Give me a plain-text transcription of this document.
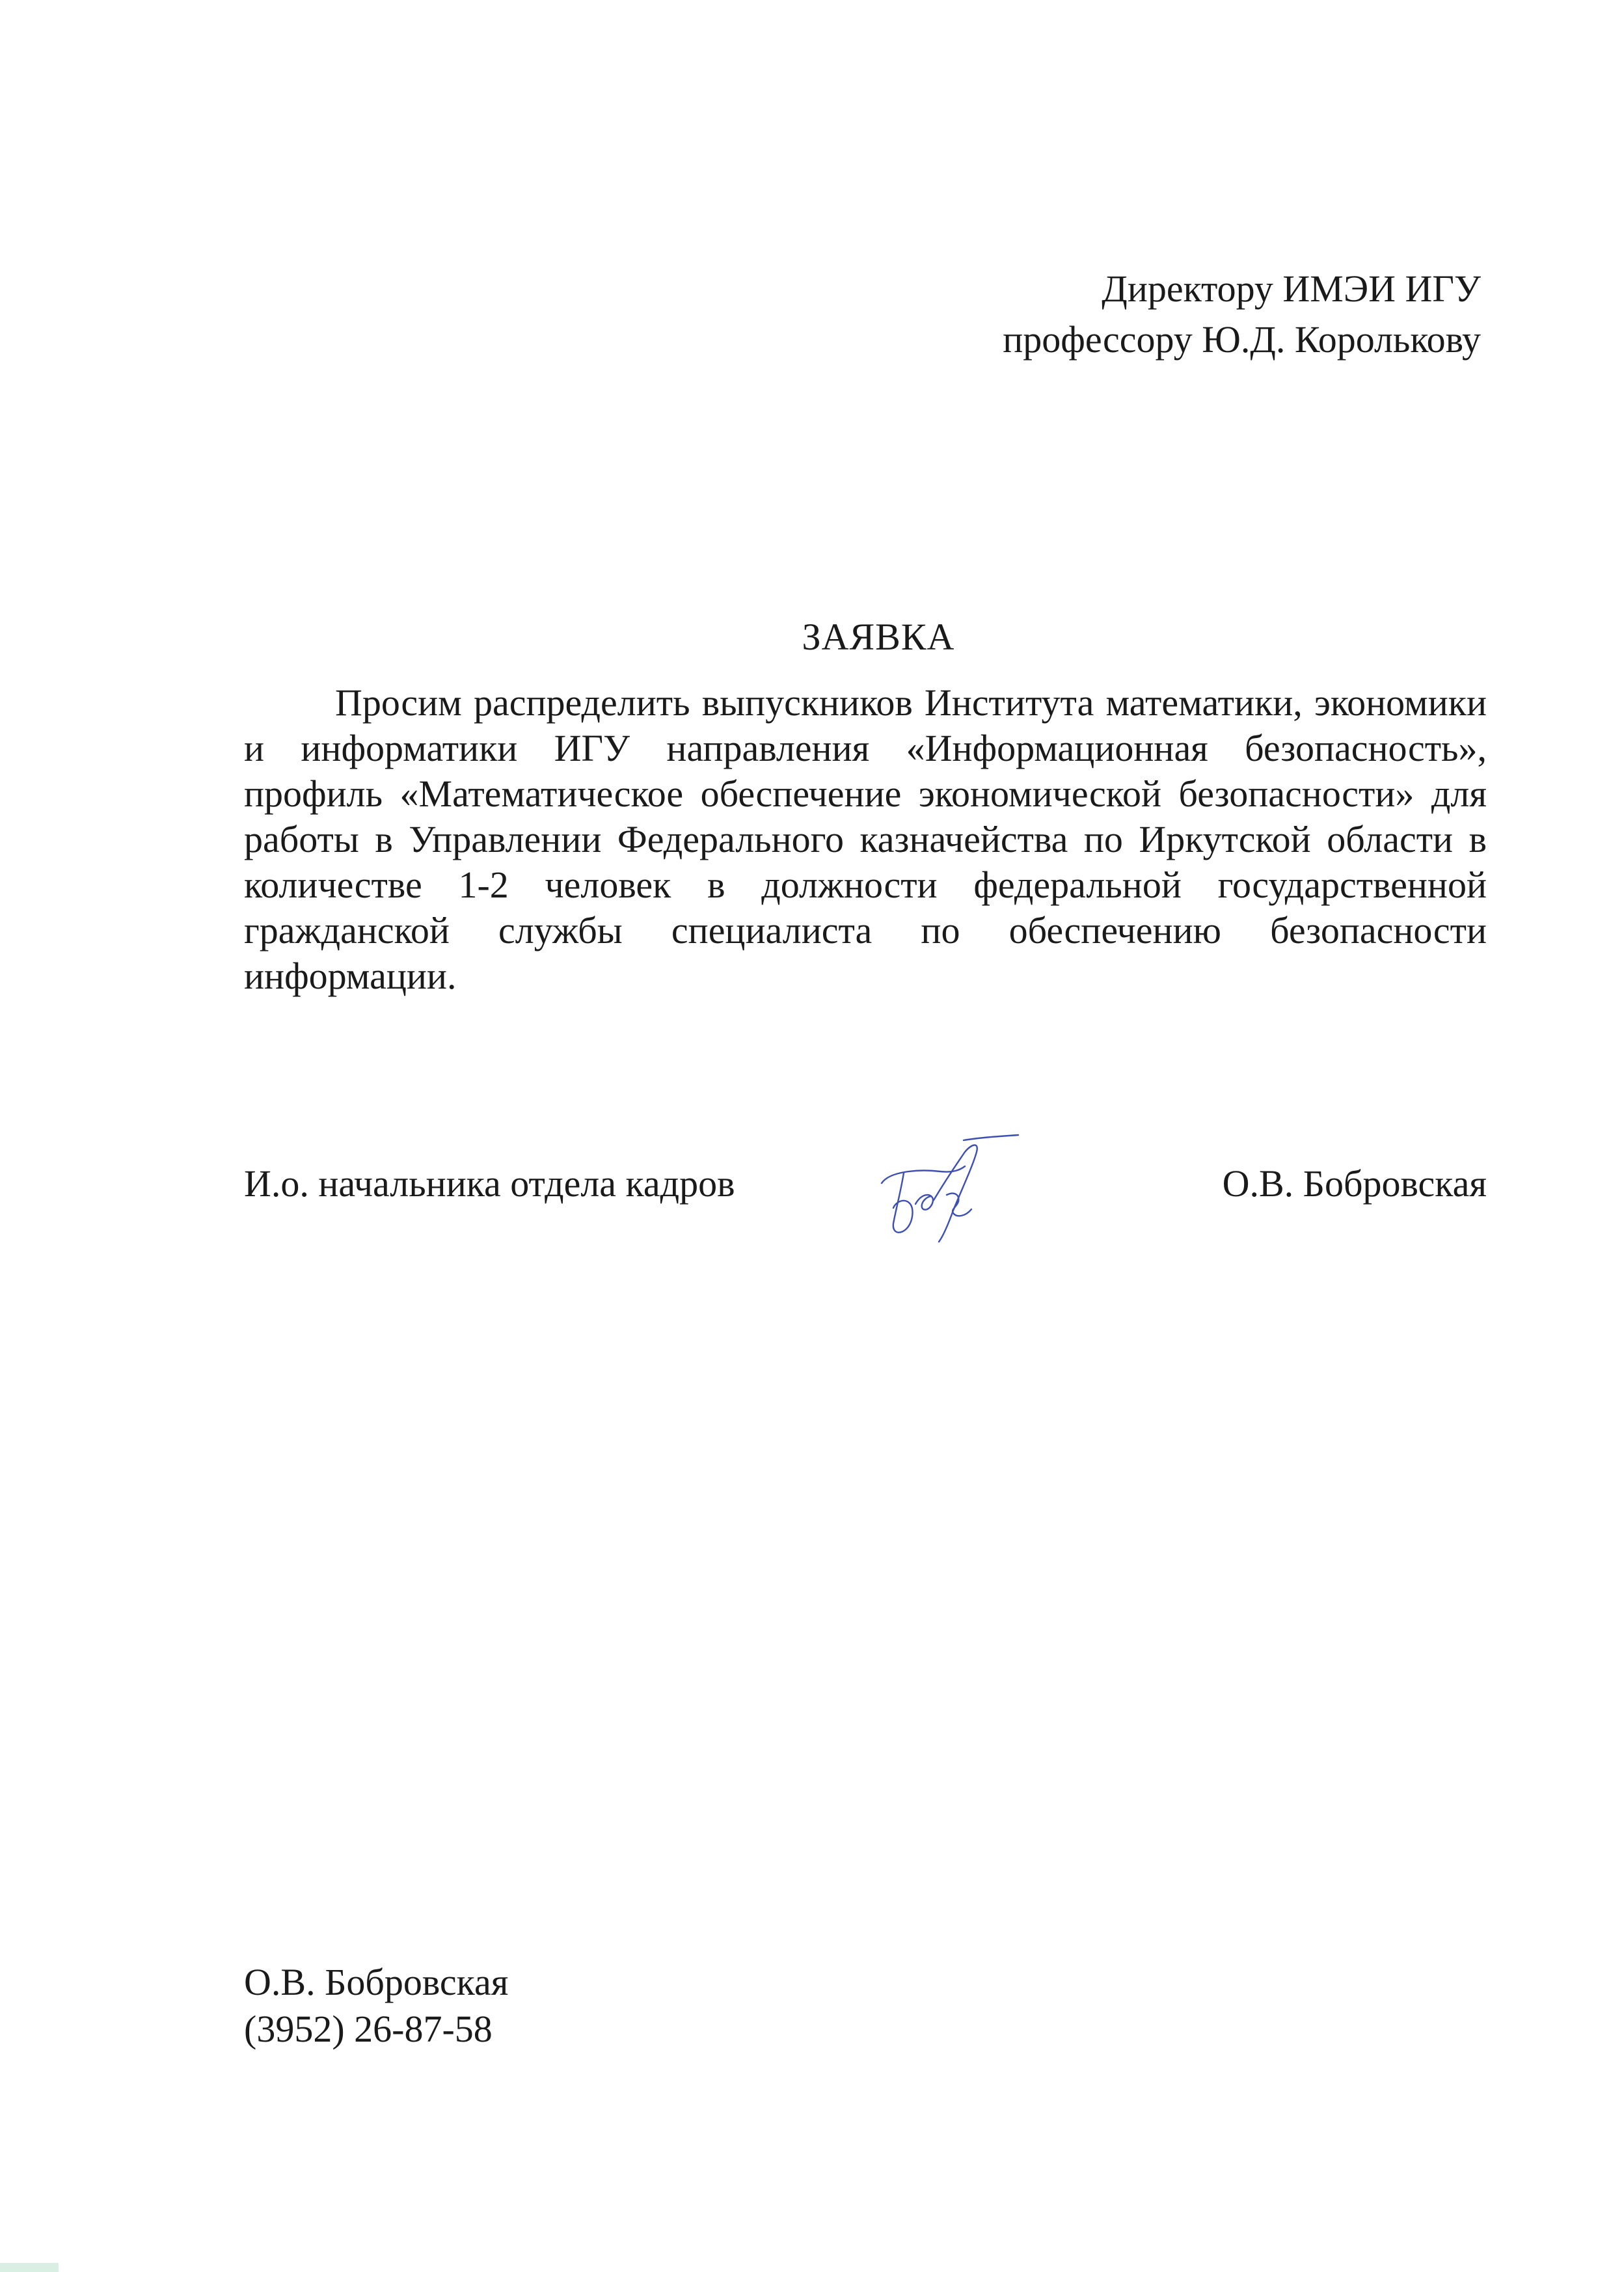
Директору ИМЭИ ИГУ
профессору Ю.Д. Королькову
ЗАЯВКА
Просим распределить выпускников Института математики, экономики и информатики ИГУ направления «Информационная безопасность», профиль «Математическое обеспечение экономической безопасности» для работы в Управлении Федерального казначейства по Иркутской области в количестве 1-2 человек в должности федеральной государственной гражданской службы специалиста по обеспечению безопасности информации.
И.о. начальника отдела кадров	О.В. Бобровская
О.В. Бобровская
(3952) 26-87-58
